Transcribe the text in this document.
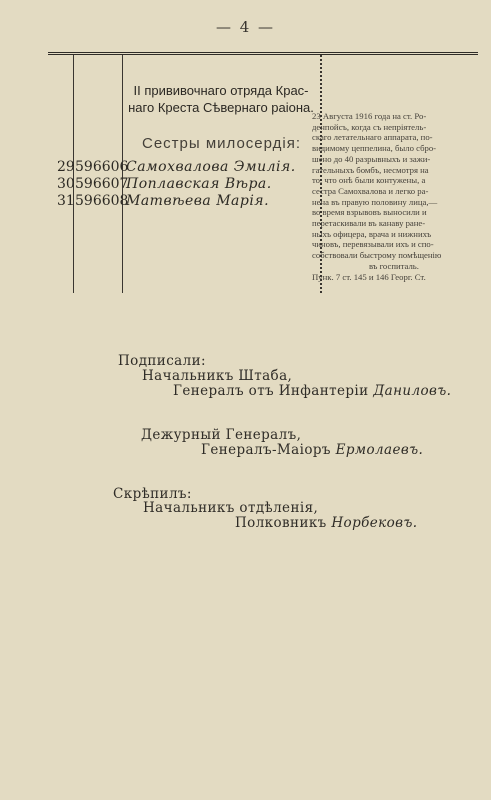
— 4 —
II прививочнаго отряда Крас-
наго Креста Сѣвернаго раіона.
Сестры милосердія:
29 596606
Самохвалова Эмилія.
30 596607
Поплавская Вѣра.
31 596608
Матвѣева Марія.
23 Августа 1916 года на ст. Ро-
денпойсъ, когда съ непріятель-
скаго летательнаго аппарата, по-
видимому цеппелина, было сбро-
шено до 40 разрывныхъ и зажи-
гательныхъ бомбъ, несмотря на
то, что онѣ были контужены, а
сестра Самохвалова и легко ра-
нена въ правую половину лица,—
во время взрывовъ выносили и
перетаскивали въ канаву ране-
ныхъ офицера, врача и нижнихъ
чиновъ, перевязывали ихъ и спо-
собствовали быстрому помѣщенію
въ госпиталь.
Пунк. 7 ст. 145 и 146 Георг. Ст.
Подписали:
Начальникъ Штаба,
Генералъ отъ Инфантеріи Даниловъ.
Дежурный Генералъ,
Генералъ-Маіоръ Ермолаевъ.
Скрѣпилъ:
Начальникъ отдѣленія,
Полковникъ Норбековъ.
